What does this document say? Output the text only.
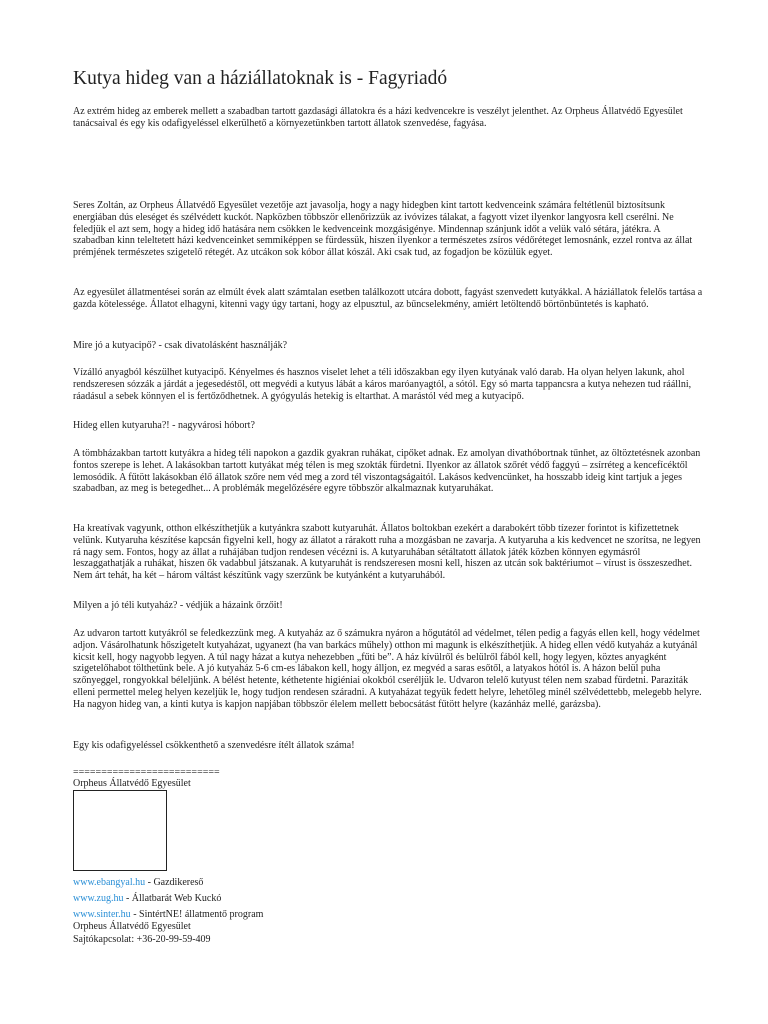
Kutya hideg van a háziállatoknak is - Fagyriadó

Az extrém hideg az emberek mellett a szabadban tartott gazdasági állatokra és a házi kedvencekre is veszélyt jelenthet. Az Orpheus Állatvédő Egyesület tanácsaival és egy kis odafigyeléssel elkerülhető a környezetünkben tartott állatok szenvedése, fagyása.

Seres Zoltán, az Orpheus Állatvédő Egyesület vezetője azt javasolja, hogy a nagy hidegben kint tartott kedvenceink számára feltétlenül biztosítsunk energiában dús eleséget és szélvédett kuckót. Napközben többször ellenőrizzük az ivóvizes tálakat, a fagyott vizet ilyenkor langyosra kell cserélni. Ne feledjük el azt sem, hogy a hideg idő hatására nem csökken le kedvenceink mozgásigénye. Mindennap szánjunk időt a velük való sétára, játékra. A szabadban kinn teleltetett házi kedvenceinket semmiképpen se fürdessük, hiszen ilyenkor a természetes zsíros védőréteget lemosnánk, ezzel rontva az állat prémjének természetes szigetelő rétegét. Az utcákon sok kóbor állat kószál. Aki csak tud, az fogadjon be közülük egyet.

Az egyesület állatmentései során az elmúlt évek alatt számtalan esetben találkozott utcára dobott, fagyást szenvedett kutyákkal. A háziállatok felelős tartása a gazda kötelessége. Állatot elhagyni, kitenni vagy úgy tartani, hogy az elpusztul, az bűncselekmény, amiért letöltendő börtönbüntetés is kapható.

Mire jó a kutyacipő? - csak divatolásként használják?

Vízálló anyagból készülhet kutyacipő. Kényelmes és hasznos viselet lehet a téli időszakban egy ilyen kutyának való darab. Ha olyan helyen lakunk, ahol rendszeresen sózzák a járdát a jegesedéstől, ott megvédi a kutyus lábát a káros maróanyagtól, a sótól. Egy só marta tappancsra a kutya nehezen tud ráállni, ráadásul a sebek könnyen el is fertőződhetnek. A gyógyulás hetekig is eltarthat. A marástól véd meg a kutyacipő.

Hideg ellen kutyaruha?! - nagyvárosi hóbort?

A tömbházakban tartott kutyákra a hideg téli napokon a gazdik gyakran ruhákat, cipőket adnak. Ez amolyan divathóbortnak tűnhet, az öltöztetésnek azonban fontos szerepe is lehet. A lakásokban tartott kutyákat még télen is meg szokták fürdetni. Ilyenkor az állatok szőrét védő faggyú – zsírréteg a kencefícéktől lemosódik. A fűtött lakásokban élő állatok szőre nem véd meg a zord tél viszontagságaitól. Lakásos kedvencünket, ha hosszabb ideig kint tartjuk a jeges szabadban, az meg is betegedhet... A problémák megelőzésére egyre többször alkalmaznak kutyaruhákat.

Ha kreatívak vagyunk, otthon elkészíthetjük a kutyánkra szabott kutyaruhát. Állatos boltokban ezekért a darabokért több tízezer forintot is kifizettetnek velünk. Kutyaruha készítése kapcsán figyelni kell, hogy az állatot a rárakott ruha a mozgásban ne zavarja. A kutyaruha a kis kedvencet ne szorítsa, ne legyen rá nagy sem. Fontos, hogy az állat a ruhájában tudjon rendesen vécézni is. A kutyaruhában sétáltatott állatok játék közben könnyen egymásról leszaggathatják a ruhákat, hiszen ők vadabbul játszanak. A kutyaruhát is rendszeresen mosni kell, hiszen az utcán sok baktériumot – vírust is összeszedhet. Nem árt tehát, ha két – három váltást készítünk vagy szerzünk be kutyánként a kutyaruhából.

Milyen a jó téli kutyaház? - védjük a házaink őrzőit!

Az udvaron tartott kutyákról se feledkezzünk meg. A kutyaház az ő számukra nyáron a hőgutától ad védelmet, télen pedig a fagyás ellen kell, hogy védelmet adjon. Vásárolhatunk hőszigetelt kutyaházat, ugyanezt (ha van barkács műhely) otthon mi magunk is elkészíthetjük. A hideg ellen védő kutyaház a kutyánál kicsit kell, hogy nagyobb legyen. A túl nagy házat a kutya nehezebben „fűti be”. A ház kívülről és belülről fából kell, hogy legyen, köztes anyagként szigetelőhabot tölthetünk bele. A jó kutyaház 5-6 cm-es lábakon kell, hogy álljon, ez megvéd a saras esőtől, a latyakos hótól is. A házon belül puha szőnyeggel, rongyokkal béleljünk. A bélést hetente, kéthetente higiéniai okokból cseréljük le. Udvaron telelő kutyust télen nem szabad fürdetni. Paraziták elleni permettel meleg helyen kezeljük le, hogy tudjon rendesen száradni. A kutyaházat tegyük fedett helyre, lehetőleg minél szélvédettebb, melegebb helyre. Ha nagyon hideg van, a kinti kutya is kapjon napjában többször élelem mellett bebocsátást fűtött helyre (kazánház mellé, garázsba).

Egy kis odafigyeléssel csökkenthető a szenvedésre ítélt állatok száma!

==========================
Orpheus Állatvédő Egyesület
www.ebangyal.hu - Gazdikereső
www.zug.hu - Állatbarát Web Kuckó
www.sinter.hu - SintértNE! állatmentő program
Orpheus Állatvédő Egyesület
Sajtókapcsolat: +36-20-99-59-409
